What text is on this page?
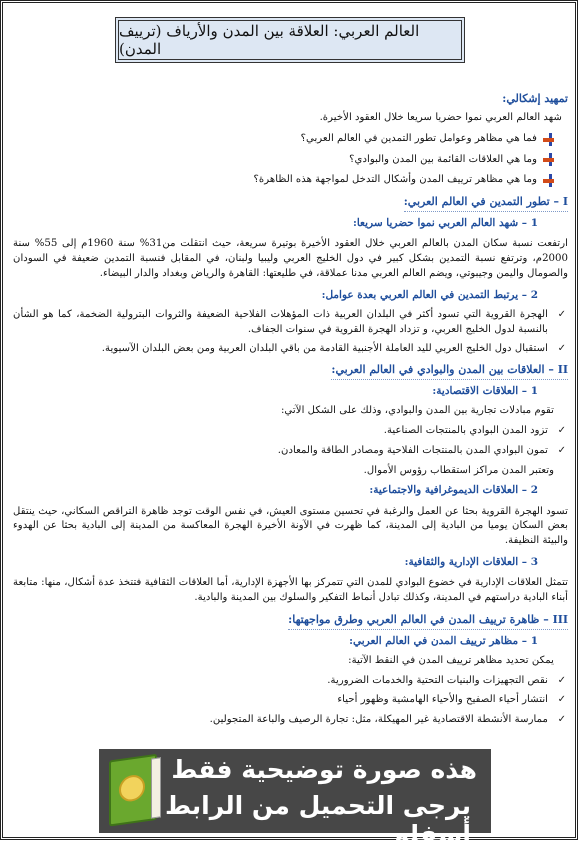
العالم العربي: العلاقة بين المدن والأرياف (ترييف المدن)
تمهيد إشكالي:
شهد العالم العربي نموا حضريا سريعا خلال العقود الأخيرة.
فما هي مظاهر وعوامل تطور التمدين في العالم العربي؟
وما هي العلاقات القائمة بين المدن والبوادي؟
وما هي مظاهر ترييف المدن وأشكال التدخل لمواجهة هذه الظاهرة؟
I – تطور التمدين في العالم العربي:
1 – شهد العالم العربي نموا حضريا سريعا:
ارتفعت نسبة سكان المدن بالعالم العربي خلال العقود الأخيرة بوتيرة سريعة، حيث انتقلت من31% سنة 1960م إلى 55% سنة 2000م، وترتفع نسبة التمدين بشكل كبير في دول الخليج العربي وليبيا ولبنان، في المقابل فنسبة التمدين ضعيفة في السودان والصومال واليمن وجيبوتي، ويضم العالم العربي مدنا عملاقة، في طليعتها: القاهرة والرياض وبغداد والدار البيضاء.
2 – يرتبط التمدين في العالم العربي بعدة عوامل:
✓ الهجرة القروية التي تسود أكثر في البلدان العربية ذات المؤهلات الفلاحية الضعيفة والثروات البترولية الضخمة، كما هو الشأن بالنسبة لدول الخليج العربي، و تزداد الهجرة القروية في سنوات الجفاف.
✓ استقبال دول الخليج العربي لليد العاملة الأجنبية القادمة من باقي البلدان العربية ومن بعض البلدان الآسيوية.
II – العلاقات بين المدن والبوادي في العالم العربي:
1 – العلاقات الاقتصادية:
تقوم مبادلات تجارية بين المدن والبوادي، وذلك على الشكل الآتي:
✓ تزود المدن البوادي بالمنتجات الصناعية.
✓ تمون البوادي المدن بالمنتجات الفلاحية ومصادر الطاقة والمعادن.
وتعتبر المدن مراكز استقطاب رؤوس الأموال.
2 – العلاقات الديموغرافية والاجتماعية:
تسود الهجرة القروية بحثا عن العمل والرغبة في تحسين مستوى العيش، في نفس الوقت توجد ظاهرة التراقص السكاني، حيث ينتقل بعض السكان يوميا من البادية إلى المدينة، كما ظهرت في الآونة الأخيرة الهجرة المعاكسة من المدينة إلى البادية بحثا عن الهدوء والبيئة النظيفة.
3 – العلاقات الإدارية والثقافية:
تتمثل العلاقات الإدارية في خضوع البوادي للمدن التي تتمركز بها الأجهزة الإدارية، أما العلاقات الثقافية فتتخذ عدة أشكال، منها: متابعة أبناء البادية دراستهم في المدينة، وكذلك تبادل أنماط التفكير والسلوك بين المدينة والبادية.
III – ظاهرة ترييف المدن في العالم العربي وطرق مواجهتها:
1 – مظاهر ترييف المدن في العالم العربي:
يمكن تحديد مظاهر ترييف المدن في النقط الآتية:
✓ نقص التجهيزات والبنيات التحتية والخدمات الضرورية.
✓ انتشار أحياء الصفيح والأحياء الهامشية وظهور أحياء
✓ ممارسة الأنشطة الاقتصادية غير المهيكلة، مثل: تجارة الرصيف والباعة المتجولين.
هذه صورة توضيحية فقط
يرجى التحميل من الرابط أسفله
